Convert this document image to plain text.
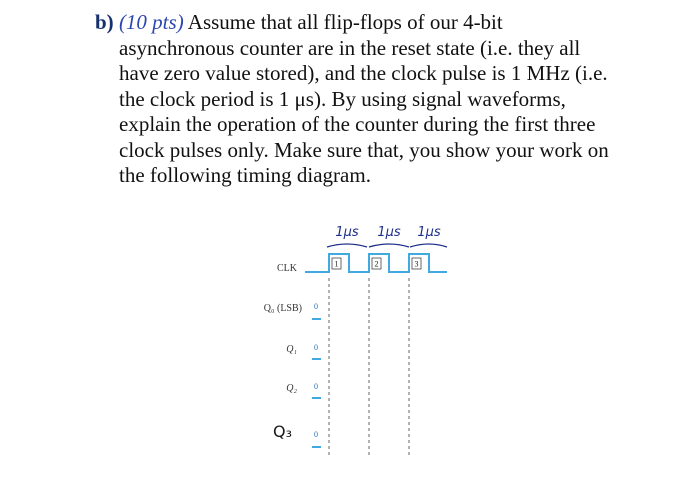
b) (10 pts) Assume that all flip-flops of our 4-bit
asynchronous counter are in the reset state (i.e. they all
have zero value stored), and the clock pulse is 1 MHz (i.e.
the clock period is 1 μs). By using signal waveforms,
explain the operation of the counter during the first three
clock pulses only. Make sure that, you show your work on
the following timing diagram.
1μs 1μs 1μs
1	2	3
CLK
Q₀ (LSB)
Q₁
Q₂
Q₃
0
0
0
0
